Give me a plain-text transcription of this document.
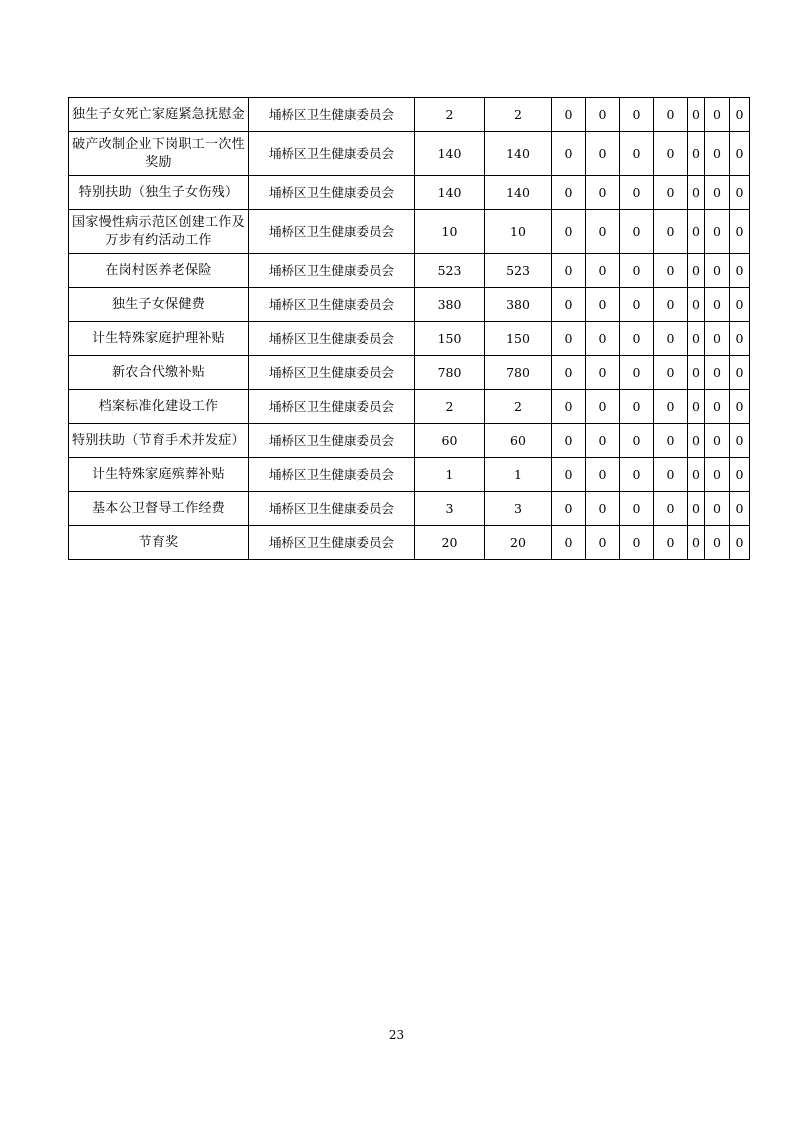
独生子女死亡家庭紧急抚慰金	埇桥区卫生健康委员会	2	2	0	0	0	0	0	0	0
破产改制企业下岗职工一次性奖励	埇桥区卫生健康委员会	140	140	0	0	0	0	0	0	0
特别扶助（独生子女伤残）	埇桥区卫生健康委员会	140	140	0	0	0	0	0	0	0
国家慢性病示范区创建工作及万步有约活动工作	埇桥区卫生健康委员会	10	10	0	0	0	0	0	0	0
在岗村医养老保险	埇桥区卫生健康委员会	523	523	0	0	0	0	0	0	0
独生子女保健费	埇桥区卫生健康委员会	380	380	0	0	0	0	0	0	0
计生特殊家庭护理补贴	埇桥区卫生健康委员会	150	150	0	0	0	0	0	0	0
新农合代缴补贴	埇桥区卫生健康委员会	780	780	0	0	0	0	0	0	0
档案标准化建设工作	埇桥区卫生健康委员会	2	2	0	0	0	0	0	0	0
特别扶助（节育手术并发症）	埇桥区卫生健康委员会	60	60	0	0	0	0	0	0	0
计生特殊家庭殡葬补贴	埇桥区卫生健康委员会	1	1	0	0	0	0	0	0	0
基本公卫督导工作经费	埇桥区卫生健康委员会	3	3	0	0	0	0	0	0	0
节育奖	埇桥区卫生健康委员会	20	20	0	0	0	0	0	0	0
23
